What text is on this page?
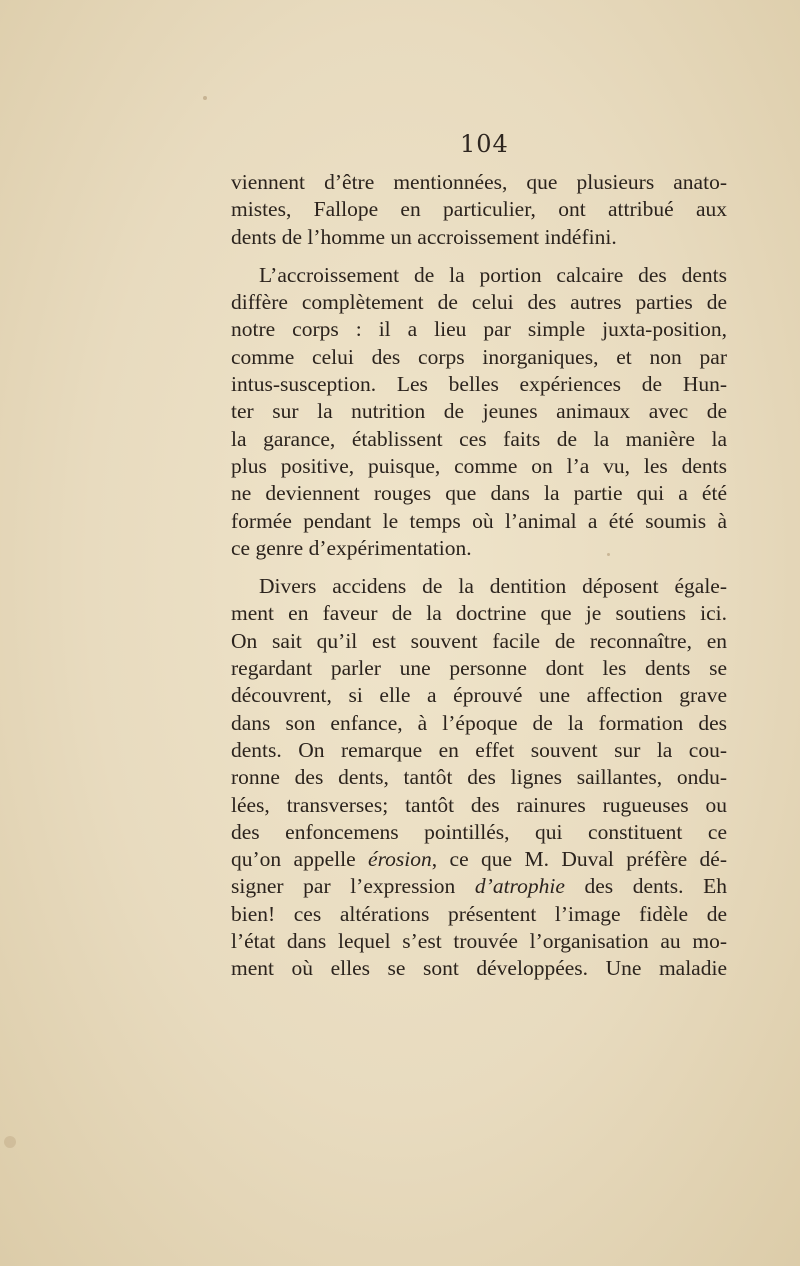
104
viennent d’être mentionnées, que plusieurs anato-
mistes, Fallope en particulier, ont attribué aux
dents de l’homme un accroissement indéfini.
L’accroissement de la portion calcaire des dents
diffère complètement de celui des autres parties de
notre corps : il a lieu par simple juxta-position,
comme celui des corps inorganiques, et non par
intus-susception. Les belles expériences de Hun-
ter sur la nutrition de jeunes animaux avec de
la garance, établissent ces faits de la manière la
plus positive, puisque, comme on l’a vu, les dents
ne deviennent rouges que dans la partie qui a été
formée pendant le temps où l’animal a été soumis à
ce genre d’expérimentation.
Divers accidens de la dentition déposent égale-
ment en faveur de la doctrine que je soutiens ici.
On sait qu’il est souvent facile de reconnaître, en
regardant parler une personne dont les dents se
découvrent, si elle a éprouvé une affection grave
dans son enfance, à l’époque de la formation des
dents. On remarque en effet souvent sur la cou-
ronne des dents, tantôt des lignes saillantes, ondu-
lées, transverses; tantôt des rainures rugueuses ou
des enfoncemens pointillés, qui constituent ce
qu’on appelle érosion, ce que M. Duval préfère dé-
signer par l’expression d’atrophie des dents. Eh
bien! ces altérations présentent l’image fidèle de
l’état dans lequel s’est trouvée l’organisation au mo-
ment où elles se sont développées. Une maladie
